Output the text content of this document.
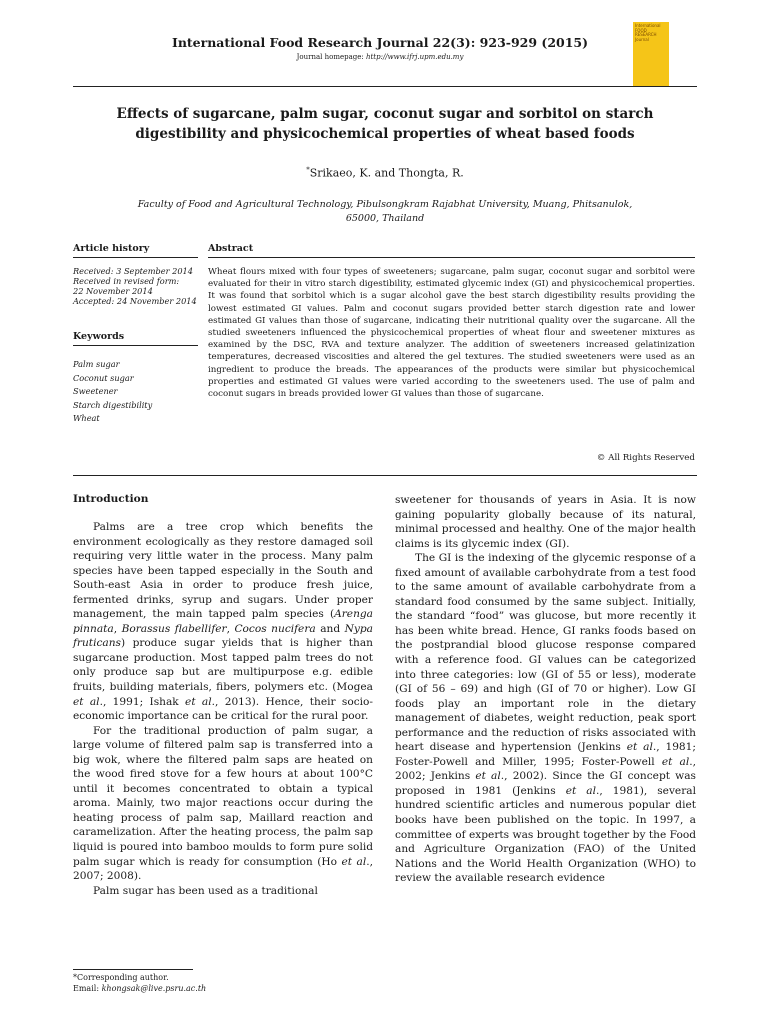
International Food Research Journal 22(3): 923-929 (2015)
Journal homepage: http://www.ifrj.upm.edu.my
International FOOD RESEARCH Journal
Effects of sugarcane, palm sugar, coconut sugar and sorbitol on starch digestibility and physicochemical properties of wheat based foods
*Srikaeo, K. and Thongta, R.
Faculty of Food and Agricultural Technology, Pibulsongkram Rajabhat University, Muang, Phitsanulok, 65000, Thailand
Article history
Received: 3 September 2014
Received in revised form:
22 November 2014
Accepted: 24 November 2014
Keywords
Palm sugar
Coconut sugar
Sweetener
Starch digestibility
Wheat
Abstract
Wheat flours mixed with four types of sweeteners; sugarcane, palm sugar, coconut sugar and sorbitol were evaluated for their in vitro starch digestibility, estimated glycemic index (GI) and physicochemical properties. It was found that sorbitol which is a sugar alcohol gave the best starch digestibility results providing the lowest estimated GI values. Palm and coconut sugars provided better starch digestion rate and lower estimated GI values than those of sugarcane, indicating their nutritional quality over the sugarcane. All the studied sweeteners influenced the physicochemical properties of wheat flour and sweetener mixtures as examined by the DSC, RVA and texture analyzer. The addition of sweeteners increased gelatinization temperatures, decreased viscosities and altered the gel textures. The studied sweeteners were used as an ingredient to produce the breads. The appearances of the products were similar but physicochemical properties and estimated GI values were varied according to the sweeteners used. The use of palm and coconut sugars in breads provided lower GI values than those of sugarcane.
© All Rights Reserved
Introduction

Palms are a tree crop which benefits the environment ecologically as they restore damaged soil requiring very little water in the process. Many palm species have been tapped especially in the South and South-east Asia in order to produce fresh juice, fermented drinks, syrup and sugars. Under proper management, the main tapped palm species (Arenga pinnata, Borassus flabellifer, Cocos nucifera and Nypa fruticans) produce sugar yields that is higher than sugarcane production. Most tapped palm trees do not only produce sap but are multipurpose e.g. edible fruits, building materials, fibers, polymers etc. (Mogea et al., 1991; Ishak et al., 2013). Hence, their socio-economic importance can be critical for the rural poor.

For the traditional production of palm sugar, a large volume of filtered palm sap is transferred into a big wok, where the filtered palm saps are heated on the wood fired stove for a few hours at about 100°C until it becomes concentrated to obtain a typical aroma. Mainly, two major reactions occur during the heating process of palm sap, Maillard reaction and caramelization. After the heating process, the palm sap liquid is poured into bamboo moulds to form pure solid palm sugar which is ready for consumption (Ho et al., 2007; 2008).

Palm sugar has been used as a traditional

sweetener for thousands of years in Asia. It is now gaining popularity globally because of its natural, minimal processed and healthy. One of the major health claims is its glycemic index (GI).

The GI is the indexing of the glycemic response of a fixed amount of available carbohydrate from a test food to the same amount of available carbohydrate from a standard food consumed by the same subject. Initially, the standard “food” was glucose, but more recently it has been white bread. Hence, GI ranks foods based on the postprandial blood glucose response compared with a reference food. GI values can be categorized into three categories: low (GI of 55 or less), moderate (GI of 56 – 69) and high (GI of 70 or higher). Low GI foods play an important role in the dietary management of diabetes, weight reduction, peak sport performance and the reduction of risks associated with heart disease and hypertension (Jenkins et al., 1981; Foster-Powell and Miller, 1995; Foster-Powell et al., 2002; Jenkins et al., 2002). Since the GI concept was proposed in 1981 (Jenkins et al., 1981), several hundred scientific articles and numerous popular diet books have been published on the topic. In 1997, a committee of experts was brought together by the Food and Agriculture Organization (FAO) of the United Nations and the World Health Organization (WHO) to review the available research evidence

*Corresponding author.
Email: khongsak@live.psru.ac.th
